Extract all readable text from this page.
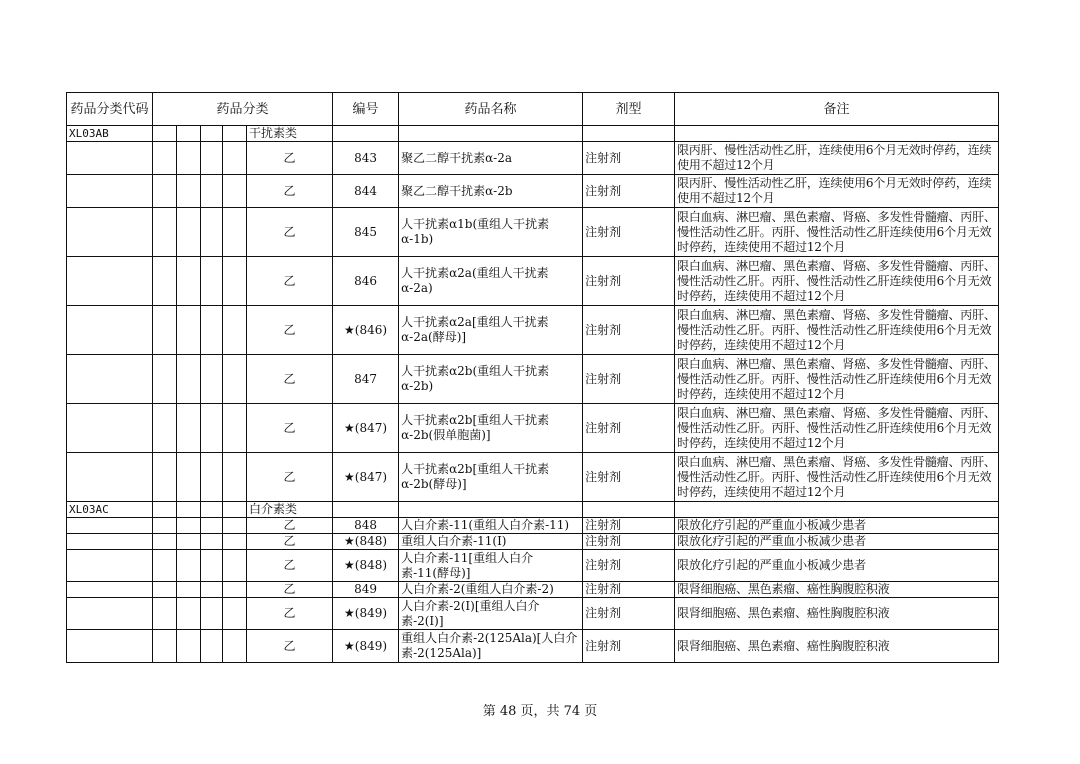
药品分类代码	药品分类					编号	药品名称	剂型	备注
XL03AB					干扰素类				
					乙	843	聚乙二醇干扰素α-2a	注射剂	限丙肝、慢性活动性乙肝，连续使用6个月无效时停药，连续使用不超过12个月
					乙	844	聚乙二醇干扰素α-2b	注射剂	限丙肝、慢性活动性乙肝，连续使用6个月无效时停药，连续使用不超过12个月
					乙	845	人干扰素α1b(重组人干扰素α-1b)	注射剂	限白血病、淋巴瘤、黑色素瘤、肾癌、多发性骨髓瘤、丙肝、慢性活动性乙肝。丙肝、慢性活动性乙肝连续使用6个月无效时停药，连续使用不超过12个月
					乙	846	人干扰素α2a(重组人干扰素α-2a)	注射剂	限白血病、淋巴瘤、黑色素瘤、肾癌、多发性骨髓瘤、丙肝、慢性活动性乙肝。丙肝、慢性活动性乙肝连续使用6个月无效时停药，连续使用不超过12个月
					乙	★(846)	人干扰素α2a[重组人干扰素α-2a(酵母)]	注射剂	限白血病、淋巴瘤、黑色素瘤、肾癌、多发性骨髓瘤、丙肝、慢性活动性乙肝。丙肝、慢性活动性乙肝连续使用6个月无效时停药，连续使用不超过12个月
					乙	847	人干扰素α2b(重组人干扰素α-2b)	注射剂	限白血病、淋巴瘤、黑色素瘤、肾癌、多发性骨髓瘤、丙肝、慢性活动性乙肝。丙肝、慢性活动性乙肝连续使用6个月无效时停药，连续使用不超过12个月
					乙	★(847)	人干扰素α2b[重组人干扰素α-2b(假单胞菌)]	注射剂	限白血病、淋巴瘤、黑色素瘤、肾癌、多发性骨髓瘤、丙肝、慢性活动性乙肝。丙肝、慢性活动性乙肝连续使用6个月无效时停药，连续使用不超过12个月
					乙	★(847)	人干扰素α2b[重组人干扰素α-2b(酵母)]	注射剂	限白血病、淋巴瘤、黑色素瘤、肾癌、多发性骨髓瘤、丙肝、慢性活动性乙肝。丙肝、慢性活动性乙肝连续使用6个月无效时停药，连续使用不超过12个月
XL03AC					白介素类				
					乙	848	人白介素-11(重组人白介素-11)	注射剂	限放化疗引起的严重血小板减少患者
					乙	★(848)	重组人白介素-11(Ⅰ)	注射剂	限放化疗引起的严重血小板减少患者
					乙	★(848)	人白介素-11[重组人白介素-11(酵母)]	注射剂	限放化疗引起的严重血小板减少患者
					乙	849	人白介素-2(重组人白介素-2)	注射剂	限肾细胞癌、黑色素瘤、癌性胸腹腔积液
					乙	★(849)	人白介素-2(I)[重组人白介素-2(Ⅰ)]	注射剂	限肾细胞癌、黑色素瘤、癌性胸腹腔积液
					乙	★(849)	重组人白介素-2(125Ala)[人白介素-2(125Ala)]	注射剂	限肾细胞癌、黑色素瘤、癌性胸腹腔积液
第 48 页，共 74 页
